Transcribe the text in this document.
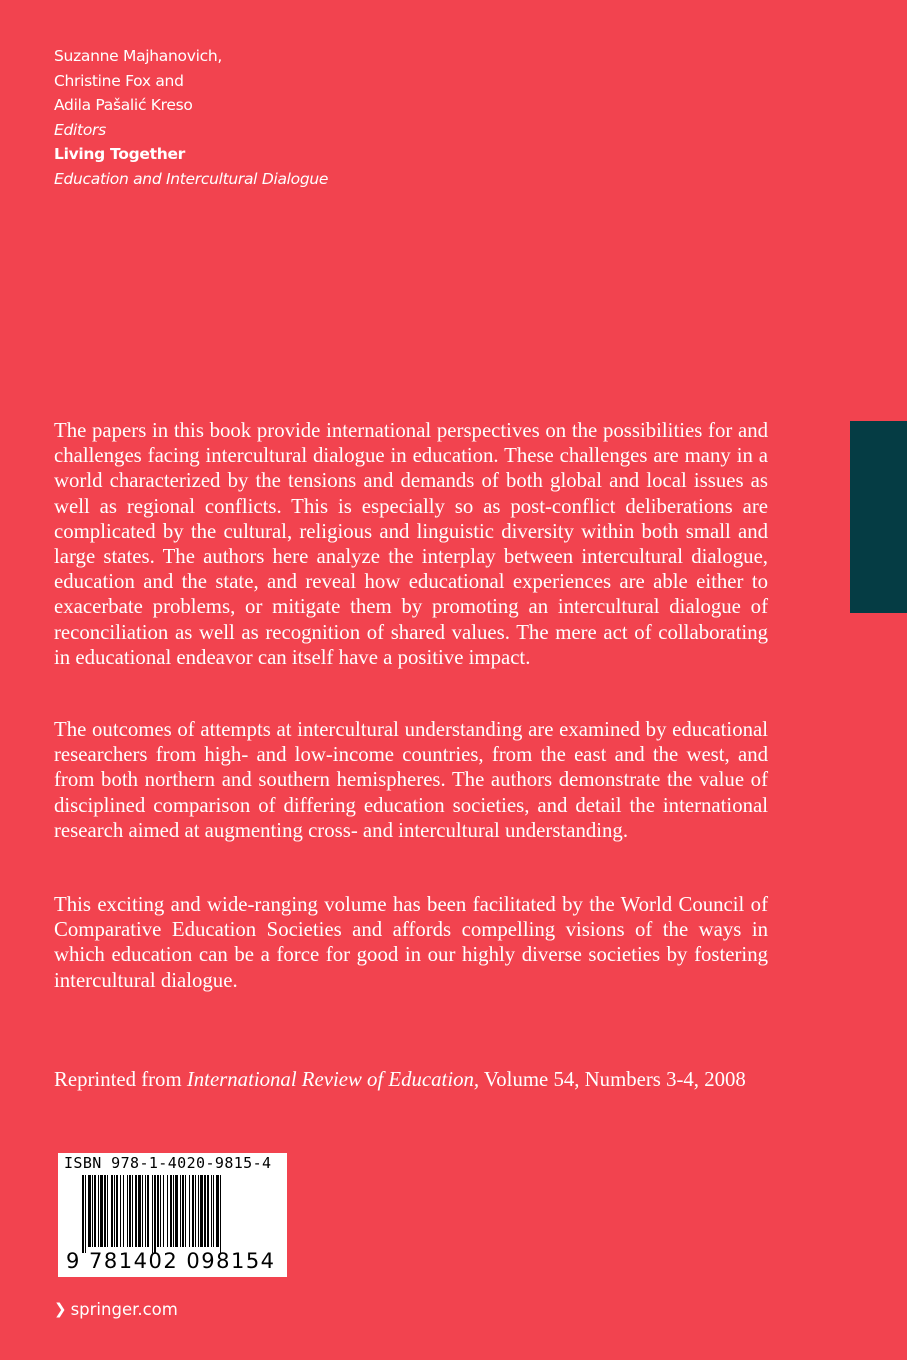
Suzanne Majhanovich,
Christine Fox and
Adila Pašalić Kreso
Editors
Living Together
Education and Intercultural Dialogue

The papers in this book provide international perspectives on the possibilities for and challenges facing intercultural dialogue in education. These challenges are many in a world characterized by the tensions and demands of both global and local issues as well as regional conflicts. This is especially so as post-conflict deliberations are complicated by the cultural, religious and linguistic diversity within both small and large states. The authors here analyze the interplay between intercultural dialogue, education and the state, and reveal how educational experiences are able either to exacerbate problems, or mitigate them by promoting an intercultural dialogue of reconciliation as well as recognition of shared values. The mere act of collaborating in educational endeavor can itself have a positive impact.

The outcomes of attempts at intercultural understanding are examined by educational researchers from high- and low-income countries, from the east and the west, and from both northern and southern hemispheres. The authors demonstrate the value of disciplined comparison of differing education societies, and detail the international research aimed at augmenting cross- and intercultural understanding.

This exciting and wide-ranging volume has been facilitated by the World Council of Comparative Education Societies and affords compelling visions of the ways in which education can be a force for good in our highly diverse societies by fostering intercultural dialogue.

Reprinted from International Review of Education, Volume 54, Numbers 3-4, 2008
ISBN 978-1-4020-9815-4
9 781402 098154
❯ springer.com
